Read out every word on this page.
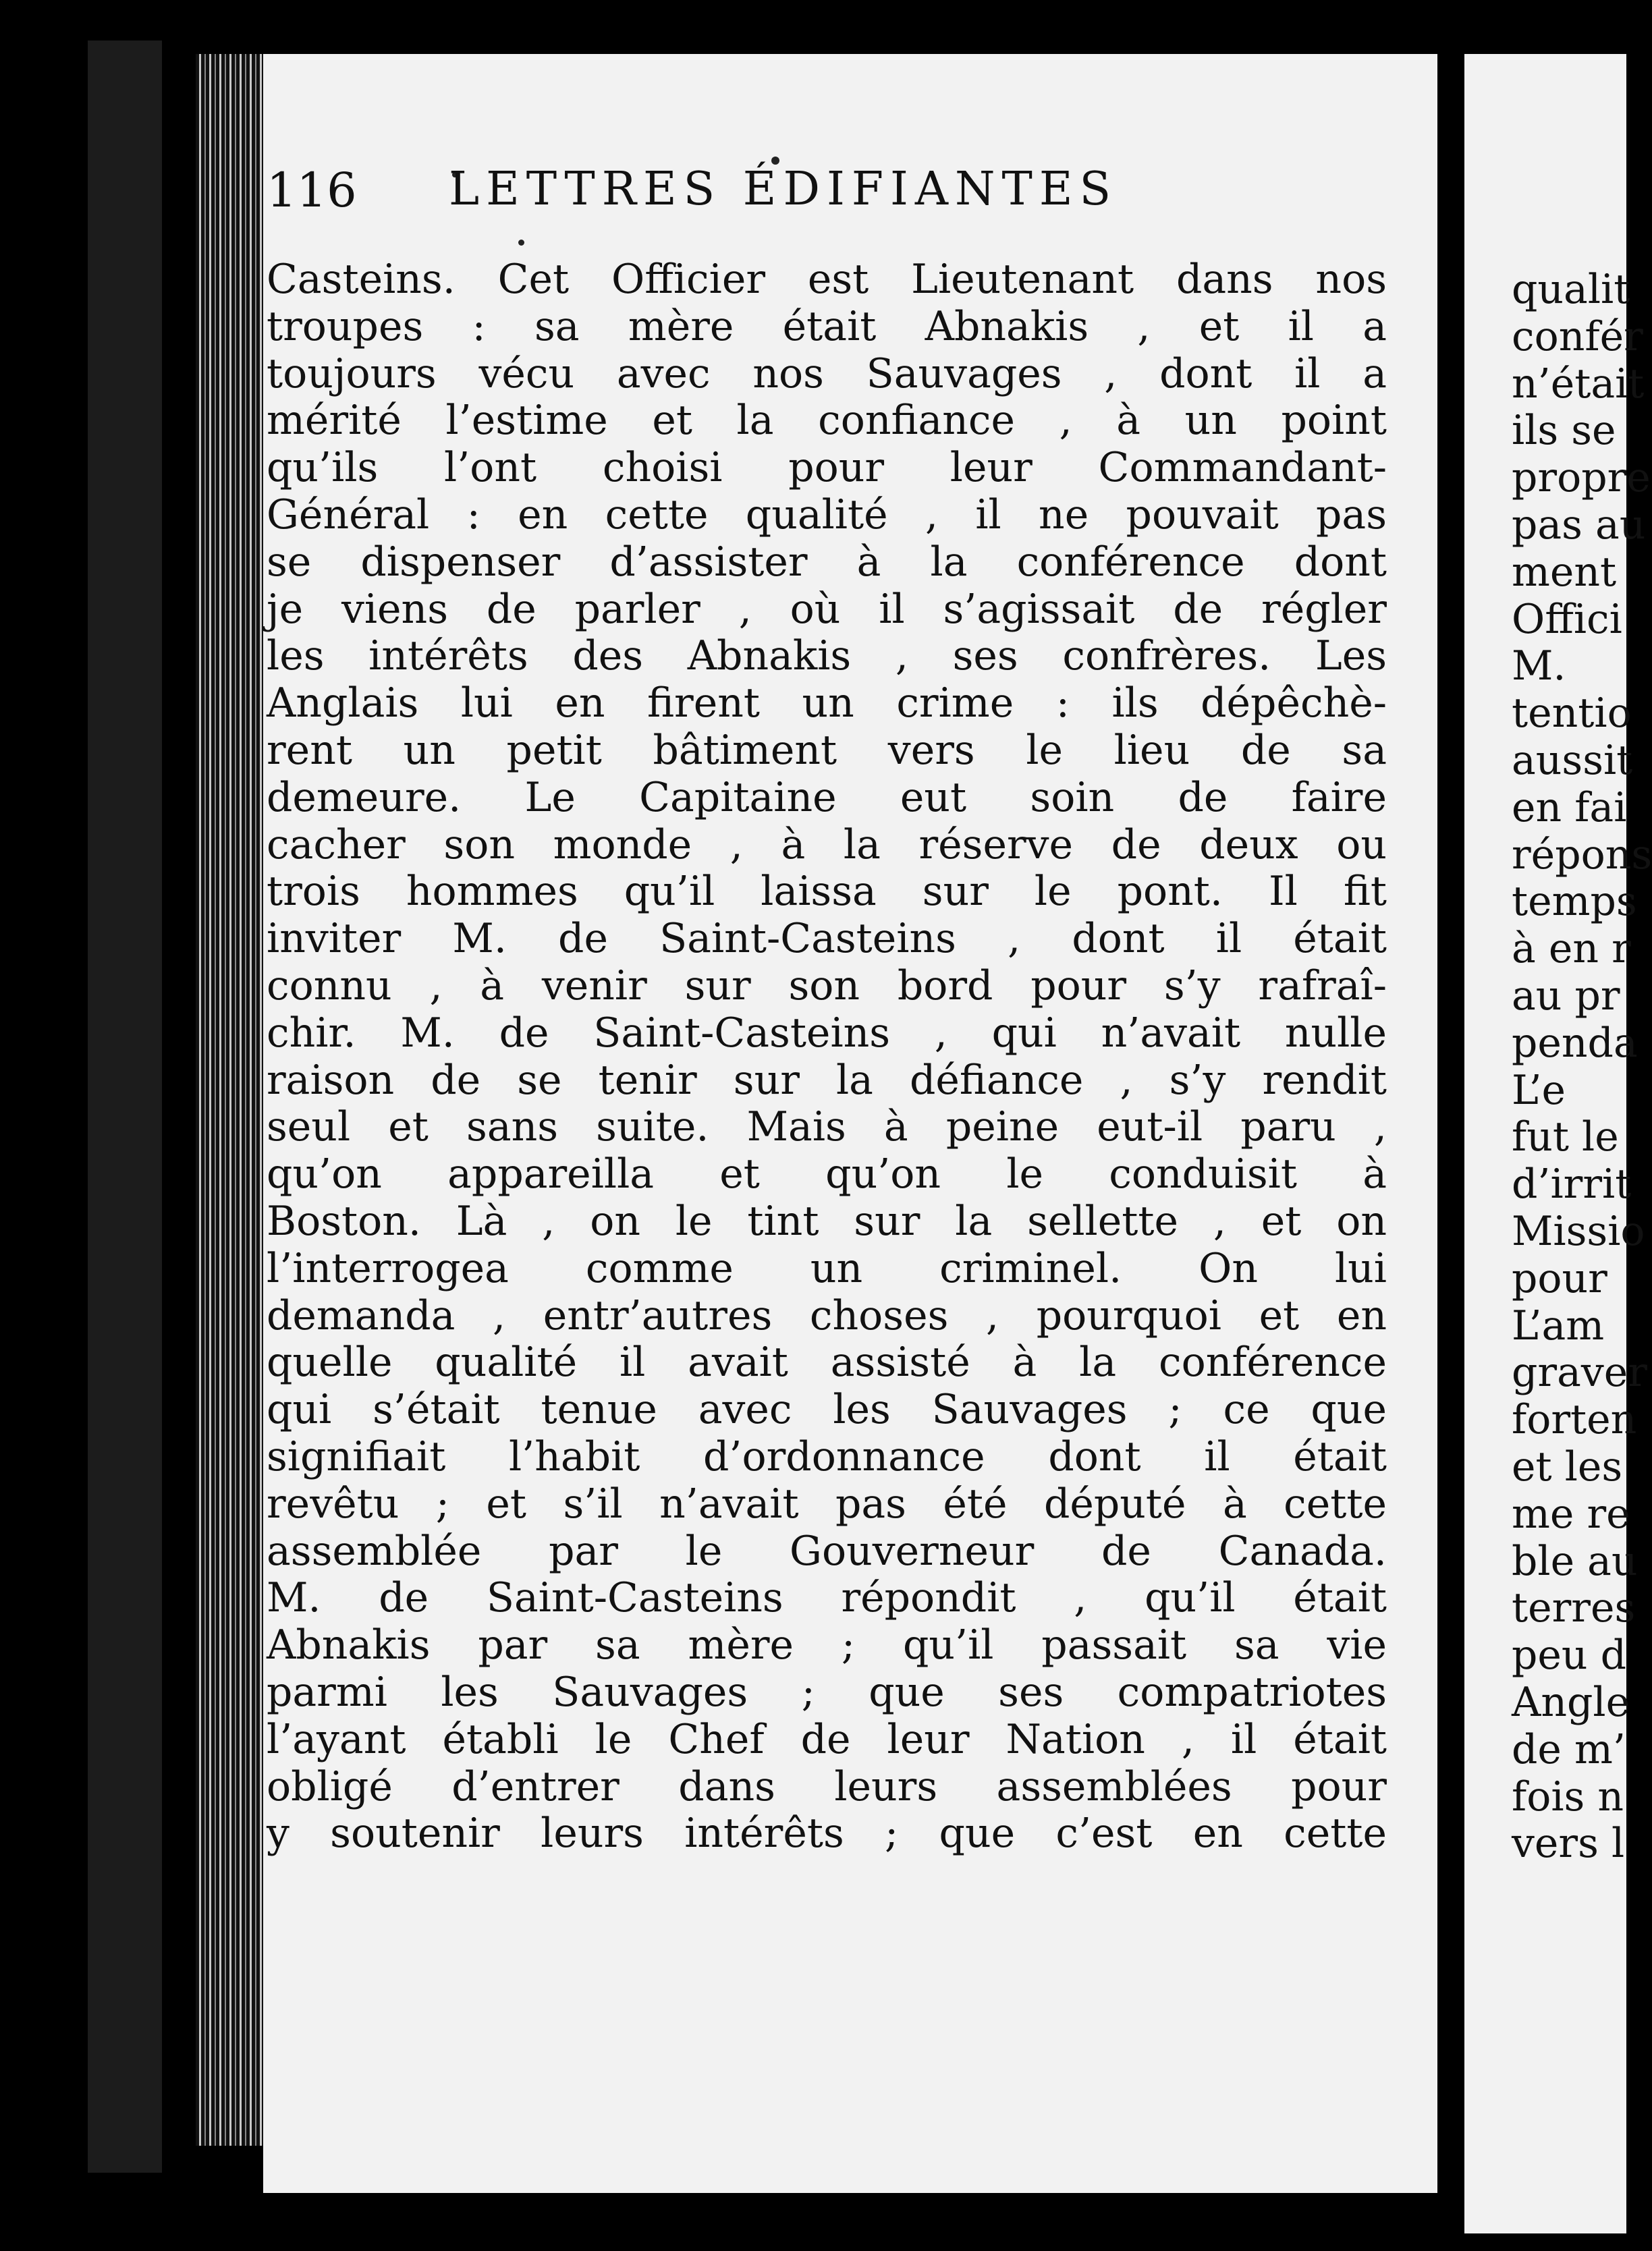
116 LETTRES ÉDIFIANTES
Casteins. Cet Officier est Lieutenant dans nos
troupes : sa mère était Abnakis , et il a
toujours vécu avec nos Sauvages , dont il a
mérité l’estime et la confiance , à un point
qu’ils l’ont choisi pour leur Commandant-
Général : en cette qualité , il ne pouvait pas
se dispenser d’assister à la conférence dont
je viens de parler , où il s’agissait de régler
les intérêts des Abnakis , ses confrères. Les
Anglais lui en firent un crime : ils dépêchè-
rent un petit bâtiment vers le lieu de sa
demeure. Le Capitaine eut soin de faire
cacher son monde , à la réserve de deux ou
trois hommes qu’il laissa sur le pont. Il fit
inviter M. de Saint-Casteins , dont il était
connu , à venir sur son bord pour s’y rafraî-
chir. M. de Saint-Casteins , qui n’avait nulle
raison de se tenir sur la défiance , s’y rendit
seul et sans suite. Mais à peine eut-il paru ,
qu’on appareilla et qu’on le conduisit à
Boston. Là , on le tint sur la sellette , et on
l’interrogea comme un criminel. On lui
demanda , entr’autres choses , pourquoi et en
quelle qualité il avait assisté à la conférence
qui s’était tenue avec les Sauvages ; ce que
signifiait l’habit d’ordonnance dont il était
revêtu ; et s’il n’avait pas été député à cette
assemblée par le Gouverneur de Canada.
M. de Saint-Casteins répondit , qu’il était
Abnakis par sa mère ; qu’il passait sa vie
parmi les Sauvages ; que ses compatriotes
l’ayant établi le Chef de leur Nation , il était
obligé d’entrer dans leurs assemblées pour
y soutenir leurs intérêts ; que c’est en cette
qualit
confér
n’était
ils se
propre
pas au
ment
Offici
M.
tentio
aussit
en fai
répons
temps
à en r
au pr
penda
L’e
fut le
d’irrit
Missio
pour
L’am
graver
forten
et les
me re
ble au
terres
peu d
Angle
de m’
fois n
vers l
